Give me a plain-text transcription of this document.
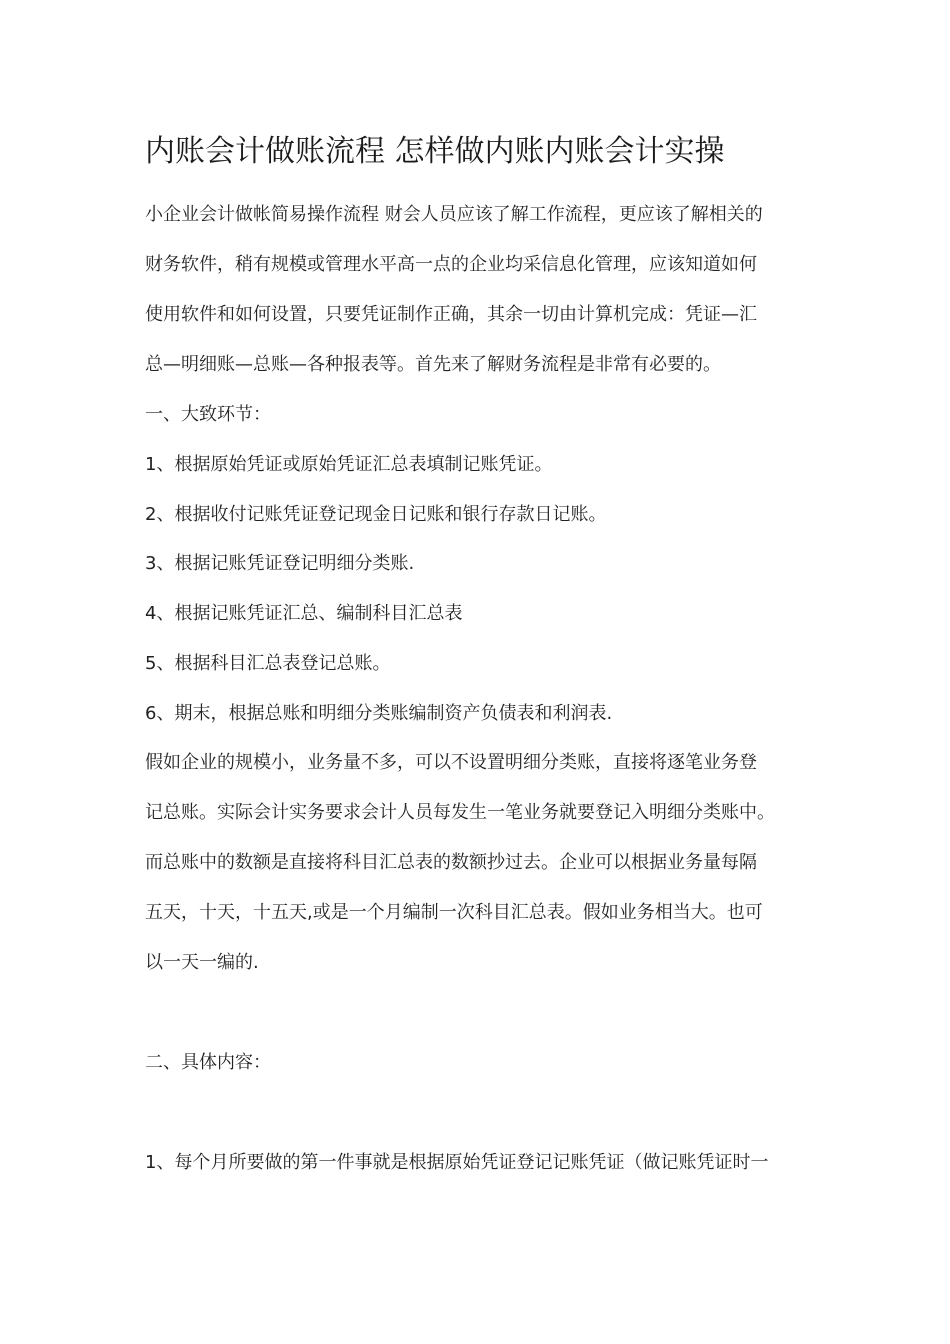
内账会计做账流程 怎样做内账内账会计实操

小企业会计做帐简易操作流程 财会人员应该了解工作流程，更应该了解相关的

财务软件，稍有规模或管理水平高一点的企业均采信息化管理，应该知道如何

使用软件和如何设置，只要凭证制作正确，其余一切由计算机完成：凭证—汇

总—明细账—总账—各种报表等。首先来了解财务流程是非常有必要的。

一、大致环节：

1、根据原始凭证或原始凭证汇总表填制记账凭证。

2、根据收付记账凭证登记现金日记账和银行存款日记账。

3、根据记账凭证登记明细分类账.

4、根据记账凭证汇总、编制科目汇总表

5、根据科目汇总表登记总账。

6、期末，根据总账和明细分类账编制资产负债表和利润表.

假如企业的规模小，业务量不多，可以不设置明细分类账，直接将逐笔业务登

记总账。实际会计实务要求会计人员每发生一笔业务就要登记入明细分类账中。

而总账中的数额是直接将科目汇总表的数额抄过去。企业可以根据业务量每隔

五天，十天，十五天,或是一个月编制一次科目汇总表。假如业务相当大。也可

以一天一编的.

二、具体内容：

1、每个月所要做的第一件事就是根据原始凭证登记记账凭证（做记账凭证时一
